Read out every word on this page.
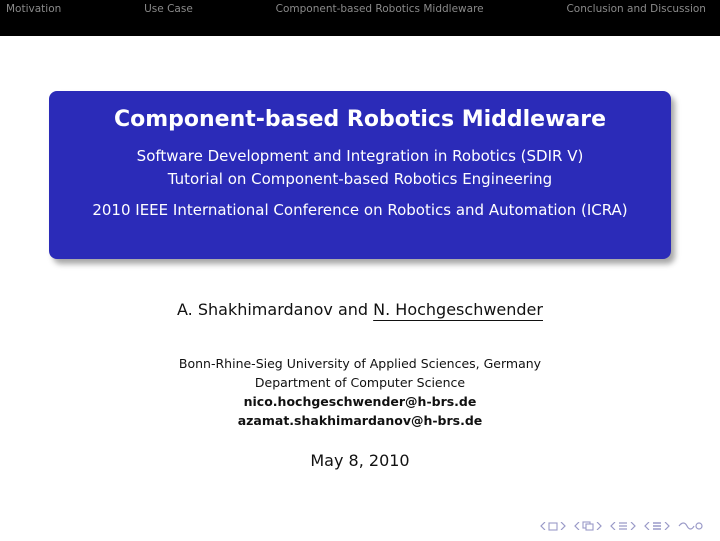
Motivation	Use Case	Component-based Robotics Middleware	Conclusion and Discussion
Component-based Robotics Middleware
Software Development and Integration in Robotics (SDIR V)
Tutorial on Component-based Robotics Engineering
2010 IEEE International Conference on Robotics and Automation (ICRA)
A. Shakhimardanov and N. Hochgeschwender
Bonn-Rhine-Sieg University of Applied Sciences, Germany
Department of Computer Science
nico.hochgeschwender@h-brs.de
azamat.shakhimardanov@h-brs.de
May 8, 2010
